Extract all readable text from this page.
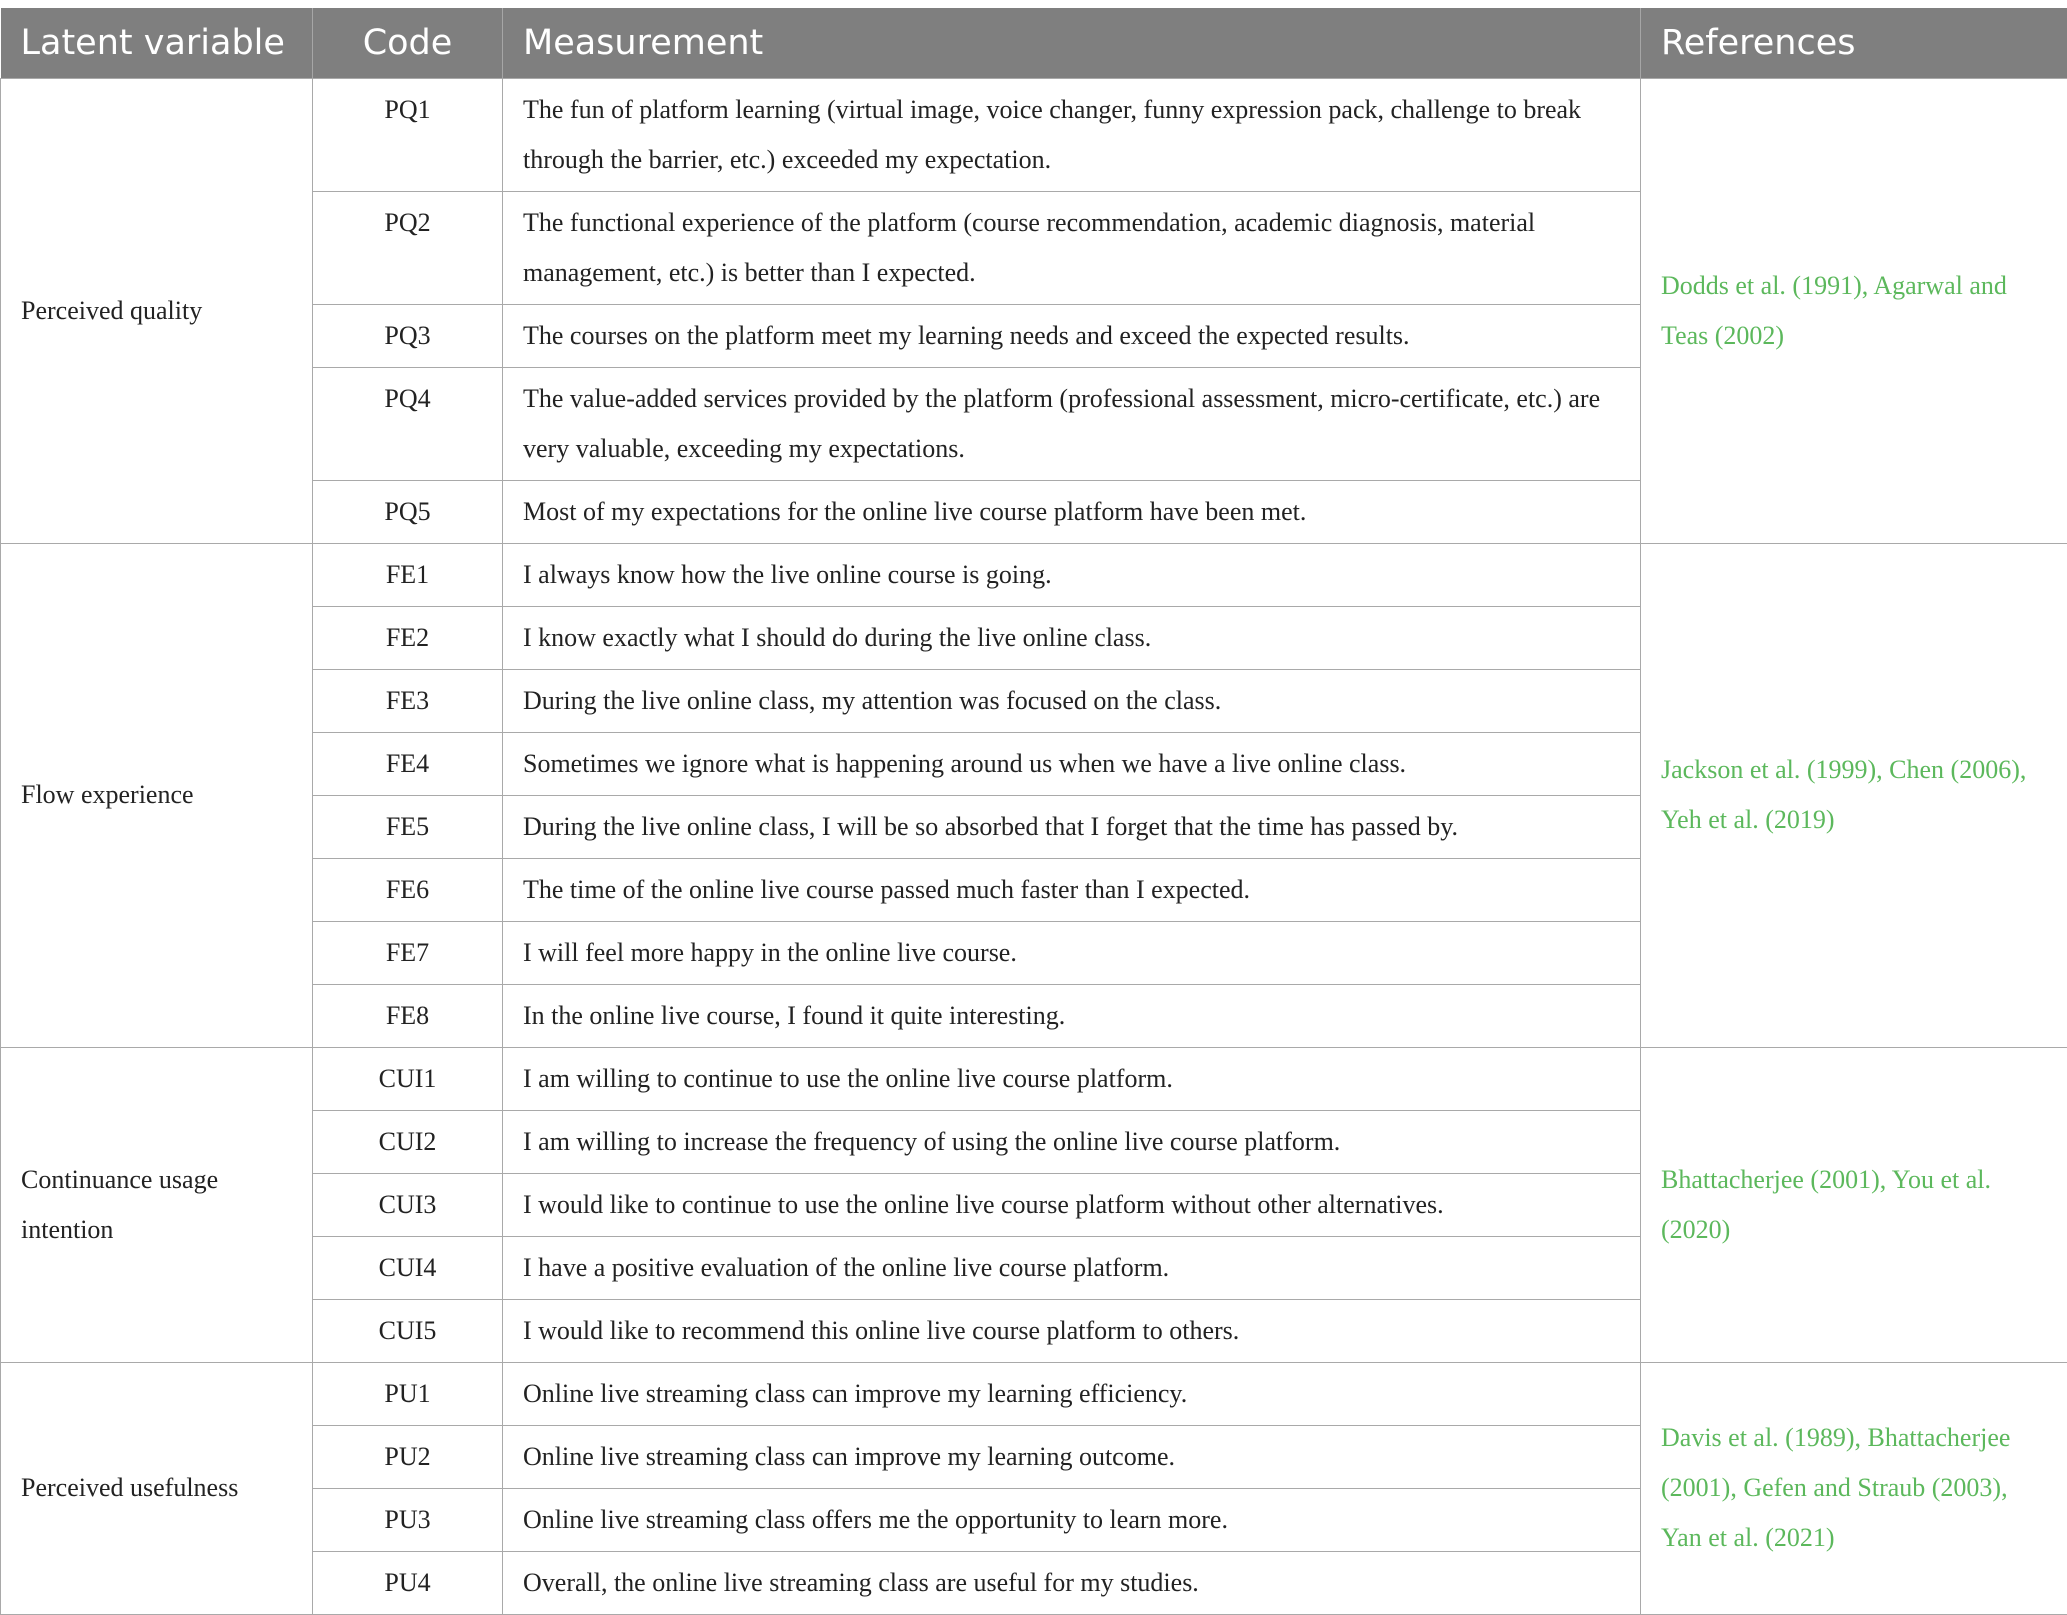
Latent variable	Code	Measurement	References
Perceived quality	PQ1	The fun of platform learning (virtual image, voice changer, funny expression pack, challenge to break through the barrier, etc.) exceeded my expectation.	Dodds et al. (1991), Agarwal and Teas (2002)
	PQ2	The functional experience of the platform (course recommendation, academic diagnosis, material management, etc.) is better than I expected.	
	PQ3	The courses on the platform meet my learning needs and exceed the expected results.	
	PQ4	The value-added services provided by the platform (professional assessment, micro-certificate, etc.) are very valuable, exceeding my expectations.	
	PQ5	Most of my expectations for the online live course platform have been met.	
Flow experience	FE1	I always know how the live online course is going.	Jackson et al. (1999), Chen (2006), Yeh et al. (2019)
	FE2	I know exactly what I should do during the live online class.	
	FE3	During the live online class, my attention was focused on the class.	
	FE4	Sometimes we ignore what is happening around us when we have a live online class.	
	FE5	During the live online class, I will be so absorbed that I forget that the time has passed by.	
	FE6	The time of the online live course passed much faster than I expected.	
	FE7	I will feel more happy in the online live course.	
	FE8	In the online live course, I found it quite interesting.	
Continuance usage intention	CUI1	I am willing to continue to use the online live course platform.	Bhattacherjee (2001), You et al. (2020)
	CUI2	I am willing to increase the frequency of using the online live course platform.	
	CUI3	I would like to continue to use the online live course platform without other alternatives.	
	CUI4	I have a positive evaluation of the online live course platform.	
	CUI5	I would like to recommend this online live course platform to others.	
Perceived usefulness	PU1	Online live streaming class can improve my learning efficiency.	Davis et al. (1989), Bhattacherjee (2001), Gefen and Straub (2003), Yan et al. (2021)
	PU2	Online live streaming class can improve my learning outcome.	
	PU3	Online live streaming class offers me the opportunity to learn more.	
	PU4	Overall, the online live streaming class are useful for my studies.	
